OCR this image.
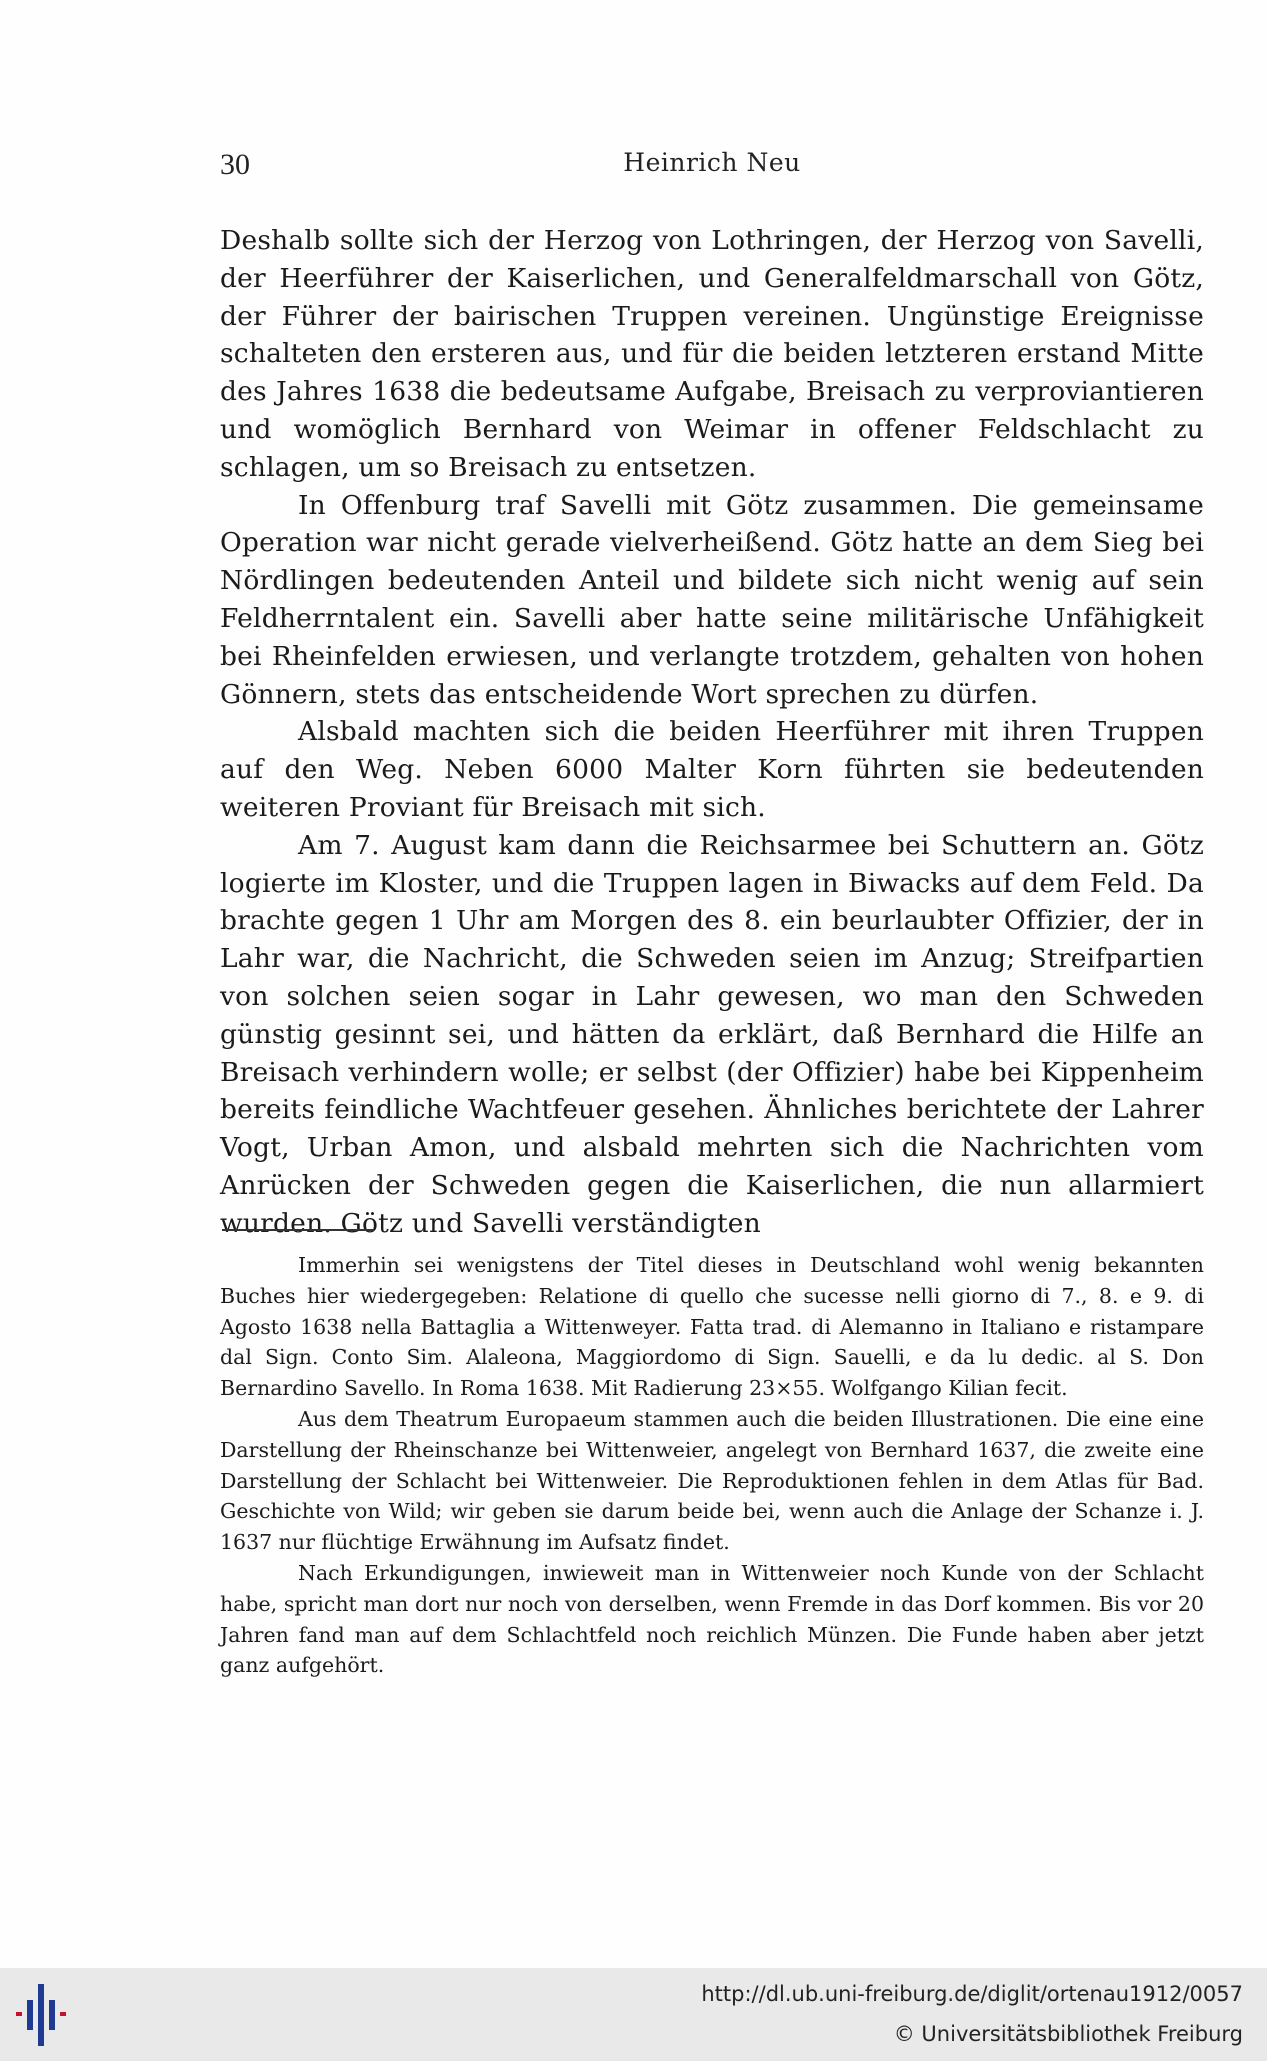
30	Heinrich Neu

Deshalb sollte sich der Herzog von Lothringen, der Herzog von Savelli, der Heerführer der Kaiserlichen, und Generalfeldmarschall von Götz, der Führer der bairischen Truppen vereinen. Ungünstige Ereignisse schalteten den ersteren aus, und für die beiden letzteren erstand Mitte des Jahres 1638 die bedeutsame Aufgabe, Breisach zu verproviantieren und womöglich Bernhard von Weimar in offener Feldschlacht zu schlagen, um so Breisach zu entsetzen.

In Offenburg traf Savelli mit Götz zusammen. Die gemeinsame Operation war nicht gerade vielverheißend. Götz hatte an dem Sieg bei Nördlingen bedeutenden Anteil und bildete sich nicht wenig auf sein Feldherrntalent ein. Savelli aber hatte seine militärische Unfähigkeit bei Rheinfelden erwiesen, und verlangte trotzdem, gehalten von hohen Gönnern, stets das entscheidende Wort sprechen zu dürfen.

Alsbald machten sich die beiden Heerführer mit ihren Truppen auf den Weg. Neben 6000 Malter Korn führten sie bedeutenden weiteren Proviant für Breisach mit sich.

Am 7. August kam dann die Reichsarmee bei Schuttern an. Götz logierte im Kloster, und die Truppen lagen in Biwacks auf dem Feld. Da brachte gegen 1 Uhr am Morgen des 8. ein beurlaubter Offizier, der in Lahr war, die Nachricht, die Schweden seien im Anzug; Streifpartien von solchen seien sogar in Lahr gewesen, wo man den Schweden günstig gesinnt sei, und hätten da erklärt, daß Bernhard die Hilfe an Breisach verhindern wolle; er selbst (der Offizier) habe bei Kippenheim bereits feindliche Wachtfeuer gesehen. Ähnliches berichtete der Lahrer Vogt, Urban Amon, und alsbald mehrten sich die Nachrichten vom Anrücken der Schweden gegen die Kaiserlichen, die nun allarmiert wurden. Götz und Savelli verständigten

Immerhin sei wenigstens der Titel dieses in Deutschland wohl wenig bekannten Buches hier wiedergegeben: Relatione di quello che sucesse nelli giorno di 7., 8. e 9. di Agosto 1638 nella Battaglia a Wittenweyer. Fatta trad. di Alemanno in Italiano e ristampare dal Sign. Conto Sim. Alaleona, Maggiordomo di Sign. Sauelli, e da lu dedic. al S. Don Bernardino Savello. In Roma 1638. Mit Radierung 23×55. Wolfgango Kilian fecit.

Aus dem Theatrum Europaeum stammen auch die beiden Illustrationen. Die eine eine Darstellung der Rheinschanze bei Wittenweier, angelegt von Bernhard 1637, die zweite eine Darstellung der Schlacht bei Wittenweier. Die Reproduktionen fehlen in dem Atlas für Bad. Geschichte von Wild; wir geben sie darum beide bei, wenn auch die Anlage der Schanze i. J. 1637 nur flüchtige Erwähnung im Aufsatz findet.

Nach Erkundigungen, inwieweit man in Wittenweier noch Kunde von der Schlacht habe, spricht man dort nur noch von derselben, wenn Fremde in das Dorf kommen. Bis vor 20 Jahren fand man auf dem Schlachtfeld noch reichlich Münzen. Die Funde haben aber jetzt ganz aufgehört.

http://dl.ub.uni-freiburg.de/diglit/ortenau1912/0057
© Universitätsbibliothek Freiburg
